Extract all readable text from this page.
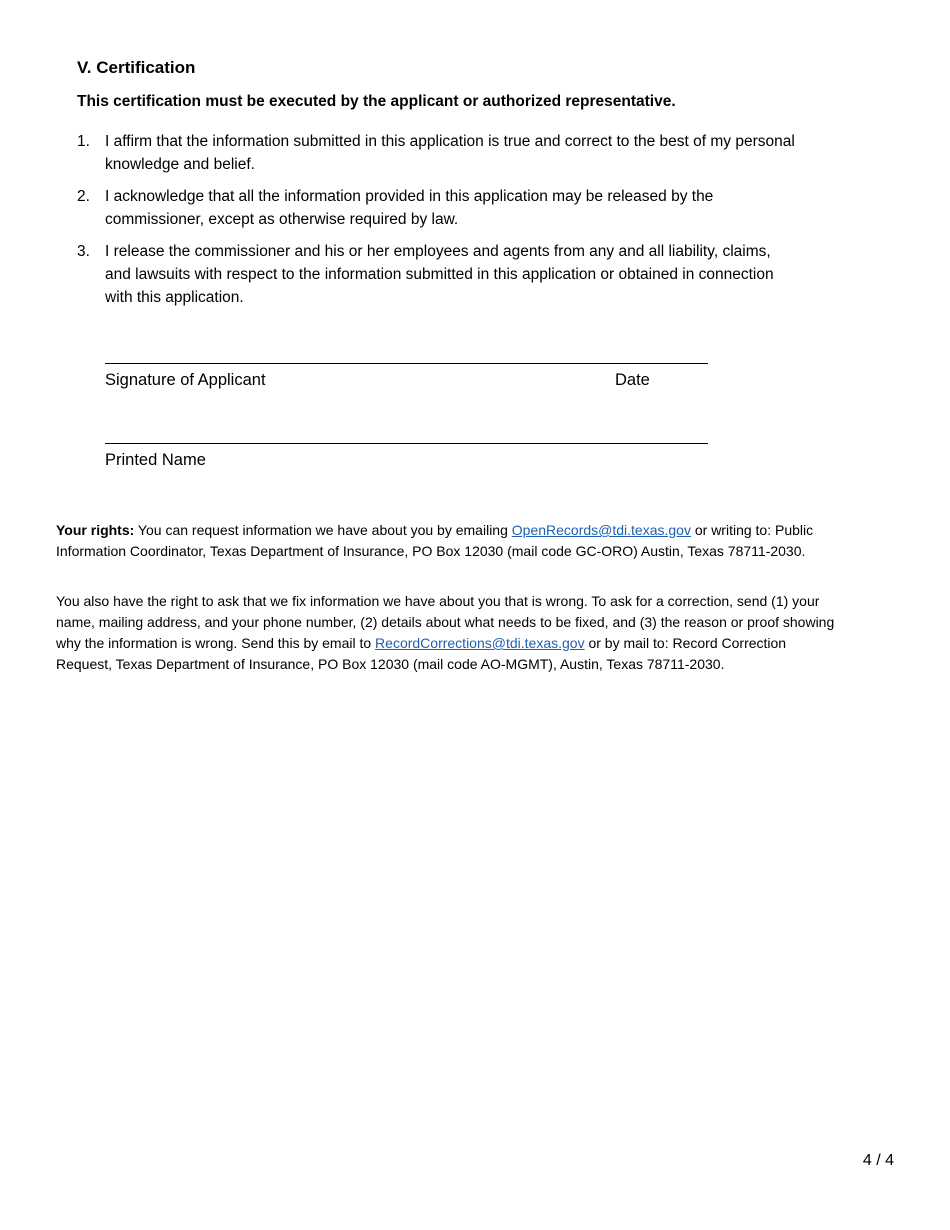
V. Certification

This certification must be executed by the applicant or authorized representative.

1. I affirm that the information submitted in this application is true and correct to the best of my personal knowledge and belief.
2. I acknowledge that all the information provided in this application may be released by the commissioner, except as otherwise required by law.
3. I release the commissioner and his or her employees and agents from any and all liability, claims, and lawsuits with respect to the information submitted in this application or obtained in connection with this application.
Signature of Applicant	Date
Printed Name

Your rights: You can request information we have about you by emailing OpenRecords@tdi.texas.gov or writing to: Public Information Coordinator, Texas Department of Insurance, PO Box 12030 (mail code GC-ORO) Austin, Texas 78711-2030.

You also have the right to ask that we fix information we have about you that is wrong. To ask for a correction, send (1) your name, mailing address, and your phone number, (2) details about what needs to be fixed, and (3) the reason or proof showing why the information is wrong. Send this by email to RecordCorrections@tdi.texas.gov or by mail to: Record Correction Request, Texas Department of Insurance, PO Box 12030 (mail code AO-MGMT), Austin, Texas 78711-2030.

4 / 4
